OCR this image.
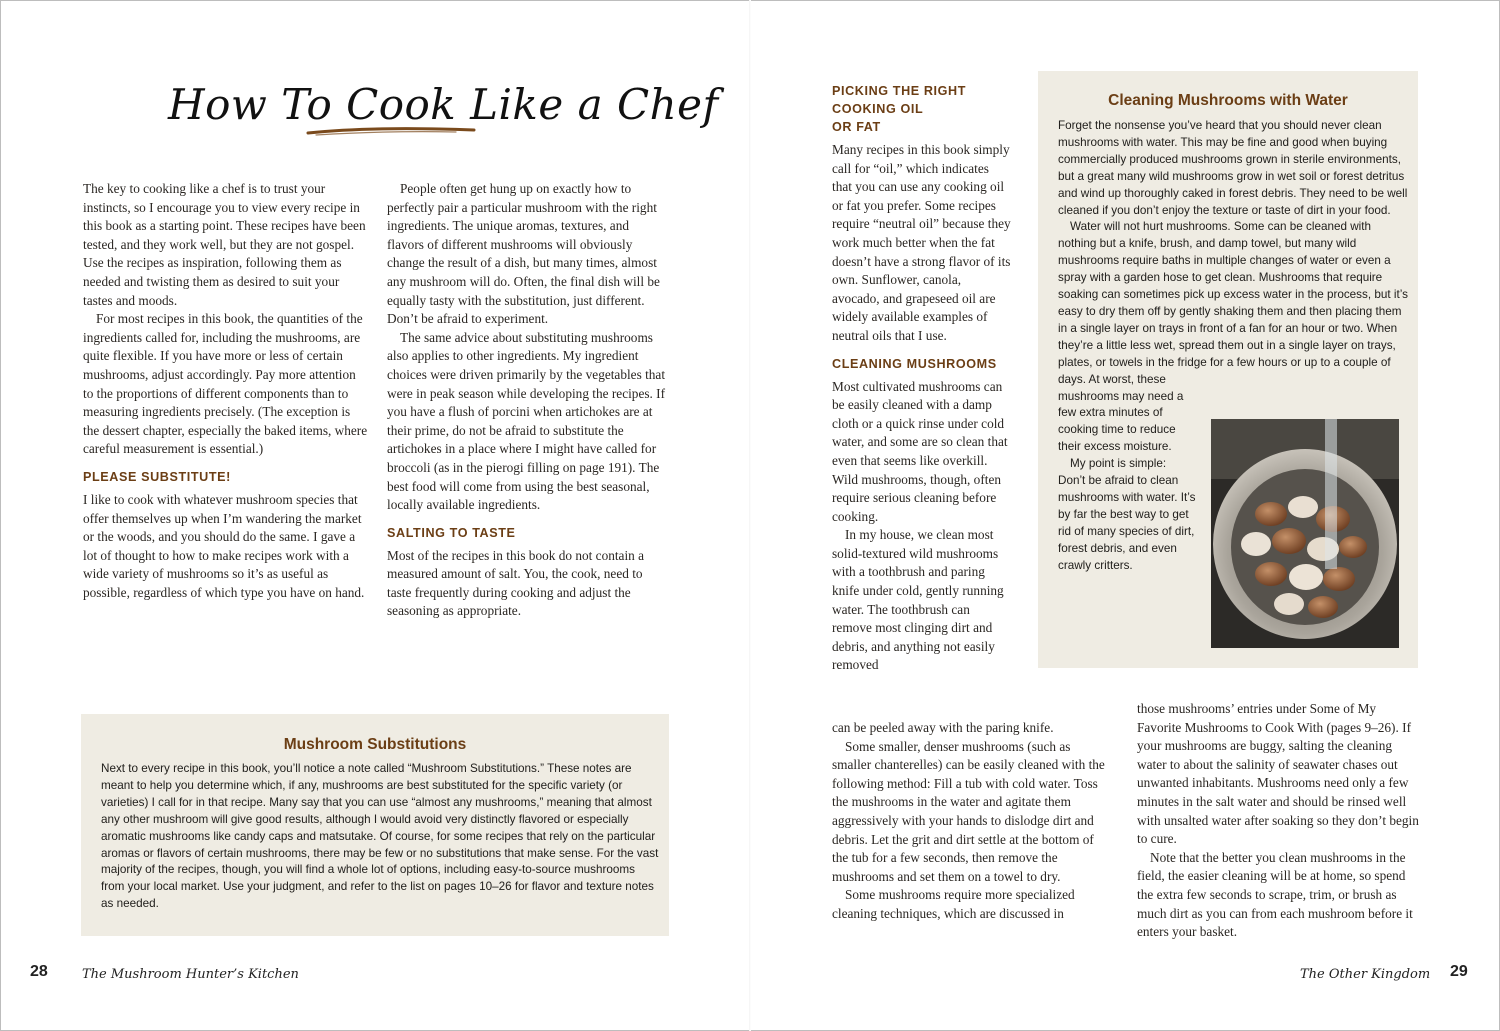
How To Cook Like a Chef

The key to cooking like a chef is to trust your instincts, so I encourage you to view every recipe in this book as a starting point. These recipes have been tested, and they work well, but they are not gospel. Use the recipes as inspiration, following them as needed and twisting them as desired to suit your tastes and moods.

For most recipes in this book, the quantities of the ingredients called for, including the mushrooms, are quite flexible. If you have more or less of certain mushrooms, adjust accordingly. Pay more attention to the proportions of different components than to measuring ingredients precisely. (The exception is the dessert chapter, especially the baked items, where careful measurement is essential.)

PLEASE SUBSTITUTE!

I like to cook with whatever mushroom species that offer themselves up when I’m wandering the market or the woods, and you should do the same. I gave a lot of thought to how to make recipes work with a wide variety of mushrooms so it’s as useful as possible, regardless of which type you have on hand.

People often get hung up on exactly how to perfectly pair a particular mushroom with the right ingredients. The unique aromas, textures, and flavors of different mushrooms will obviously change the result of a dish, but many times, almost any mushroom will do. Often, the final dish will be equally tasty with the substitution, just different. Don’t be afraid to experiment.

The same advice about substituting mushrooms also applies to other ingredients. My ingredient choices were driven primarily by the vegetables that were in peak season while developing the recipes. If you have a flush of porcini when artichokes are at their prime, do not be afraid to substitute the artichokes in a place where I might have called for broccoli (as in the pierogi filling on page 191). The best food will come from using the best seasonal, locally available ingredients.

SALTING TO TASTE

Most of the recipes in this book do not contain a measured amount of salt. You, the cook, need to taste frequently during cooking and adjust the seasoning as appropriate.

Mushroom Substitutions

Next to every recipe in this book, you’ll notice a note called “Mushroom Substitutions.” These notes are meant to help you determine which, if any, mushrooms are best substituted for the specific variety (or varieties) I call for in that recipe. Many say that you can use “almost any mushrooms,” meaning that almost any other mushroom will give good results, although I would avoid very distinctly flavored or especially aromatic mushrooms like candy caps and matsutake. Of course, for some recipes that rely on the particular aromas or flavors of certain mushrooms, there may be few or no substitutions that make sense. For the vast majority of the recipes, though, you will find a whole lot of options, including easy-to-source mushrooms from your local market. Use your judgment, and refer to the list on pages 10–26 for flavor and texture notes as needed.

28	The Mushroom Hunter’s Kitchen
PICKING THE RIGHT
COOKING OIL
OR FAT

Many recipes in this book simply call for “oil,” which indicates that you can use any cooking oil or fat you prefer. Some recipes require “neutral oil” because they work much better when the fat doesn’t have a strong flavor of its own. Sunflower, canola, avocado, and grapeseed oil are widely available examples of neutral oils that I use.

CLEANING MUSHROOMS

Most cultivated mushrooms can be easily cleaned with a damp cloth or a quick rinse under cold water, and some are so clean that even that seems like overkill. Wild mushrooms, though, often require serious cleaning before cooking.

In my house, we clean most solid-textured wild mushrooms with a toothbrush and paring knife under cold, gently running water. The toothbrush can remove most clinging dirt and debris, and anything not easily removed

can be peeled away with the paring knife.

Some smaller, denser mushrooms (such as smaller chanterelles) can be easily cleaned with the following method: Fill a tub with cold water. Toss the mushrooms in the water and agitate them aggressively with your hands to dislodge dirt and debris. Let the grit and dirt settle at the bottom of the tub for a few seconds, then remove the mushrooms and set them on a towel to dry.

Some mushrooms require more specialized cleaning techniques, which are discussed in

those mushrooms’ entries under Some of My Favorite Mushrooms to Cook With (pages 9–26). If your mushrooms are buggy, salting the cleaning water to about the salinity of seawater chases out unwanted inhabitants. Mushrooms need only a few minutes in the salt water and should be rinsed well with unsalted water after soaking so they don’t begin to cure.

Note that the better you clean mushrooms in the field, the easier cleaning will be at home, so spend the extra few seconds to scrape, trim, or brush as much dirt as you can from each mushroom before it enters your basket.

Cleaning Mushrooms with Water

Forget the nonsense you’ve heard that you should never clean mushrooms with water. This may be fine and good when buying commercially produced mushrooms grown in sterile environments, but a great many wild mushrooms grow in wet soil or forest detritus and wind up thoroughly caked in forest debris. They need to be well cleaned if you don’t enjoy the texture or taste of dirt in your food.

Water will not hurt mushrooms. Some can be cleaned with nothing but a knife, brush, and damp towel, but many wild mushrooms require baths in multiple changes of water or even a spray with a garden hose to get clean. Mushrooms that require soaking can sometimes pick up excess water in the process, but it’s easy to dry them off by gently shaking them and then placing them in a single layer on trays in front of a fan for an hour or two. When they’re a little less wet, spread them out in a single layer on trays, plates, or towels in the fridge for a few hours or up to a couple of

days. At worst, these mushrooms may need a few extra minutes of cooking time to reduce their excess moisture.

My point is simple: Don’t be afraid to clean mushrooms with water. It’s by far the best way to get rid of many species of dirt, forest debris, and even crawly critters.

The Other Kingdom 29
